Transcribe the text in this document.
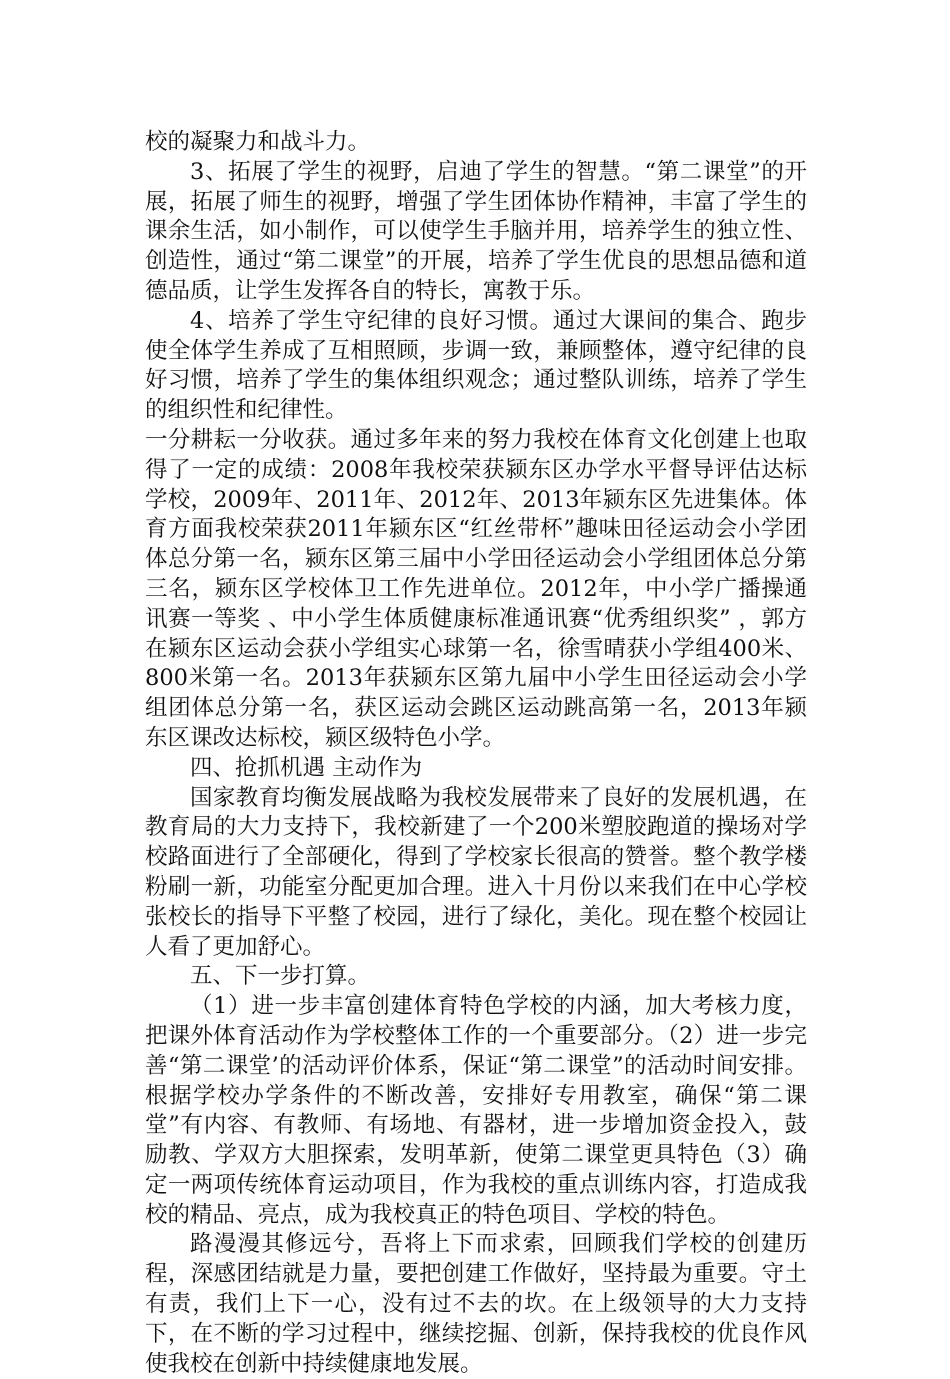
校的凝聚力和战斗力。

3、拓展了学生的视野，启迪了学生的智慧。“第二课堂”的开展，拓展了师生的视野，增强了学生团体协作精神，丰富了学生的课余生活，如小制作，可以使学生手脑并用，培养学生的独立性、创造性，通过“第二课堂”的开展，培养了学生优良的思想品德和道德品质，让学生发挥各自的特长，寓教于乐。

4、培养了学生守纪律的良好习惯。通过大课间的集合、跑步使全体学生养成了互相照顾，步调一致，兼顾整体，遵守纪律的良好习惯，培养了学生的集体组织观念；通过整队训练，培养了学生的组织性和纪律性。

一分耕耘一分收获。通过多年来的努力我校在体育文化创建上也取得了一定的成绩：2008年我校荣获颍东区办学水平督导评估达标学校，2009年、2011年、2012年、2013年颍东区先进集体。体育方面我校荣获2011年颍东区“红丝带杯”趣味田径运动会小学团体总分第一名，颍东区第三届中小学田径运动会小学组团体总分第三名，颍东区学校体卫工作先进单位。2012年，中小学广播操通讯赛一等奖 、中小学生体质健康标准通讯赛“优秀组织奖” ，郭方在颍东区运动会获小学组实心球第一名，徐雪晴获小学组400米、800米第一名。2013年获颍东区第九届中小学生田径运动会小学组团体总分第一名，获区运动会跳区运动跳高第一名，2013年颍东区课改达标校，颍区级特色小学。

四、抢抓机遇 主动作为

国家教育均衡发展战略为我校发展带来了良好的发展机遇，在教育局的大力支持下，我校新建了一个200米塑胶跑道的操场对学校路面进行了全部硬化，得到了学校家长很高的赞誉。整个教学楼粉刷一新，功能室分配更加合理。进入十月份以来我们在中心学校张校长的指导下平整了校园，进行了绿化，美化。现在整个校园让人看了更加舒心。

五、下一步打算。

（1）进一步丰富创建体育特色学校的内涵，加大考核力度，把课外体育活动作为学校整体工作的一个重要部分。（2）进一步完善“第二课堂’的活动评价体系，保证“第二课堂”的活动时间安排。根据学校办学条件的不断改善，安排好专用教室，确保“第二课堂”有内容、有教师、有场地、有器材，进一步增加资金投入，鼓励教、学双方大胆探索，发明革新，使第二课堂更具特色（3）确定一两项传统体育运动项目，作为我校的重点训练内容，打造成我校的精品、亮点，成为我校真正的特色项目、学校的特色。

路漫漫其修远兮，吾将上下而求索，回顾我们学校的创建历程，深感团结就是力量，要把创建工作做好，坚持最为重要。守土有责，我们上下一心，没有过不去的坎。在上级领导的大力支持下，在不断的学习过程中，继续挖掘、创新，保持我校的优良作风使我校在创新中持续健康地发展。
